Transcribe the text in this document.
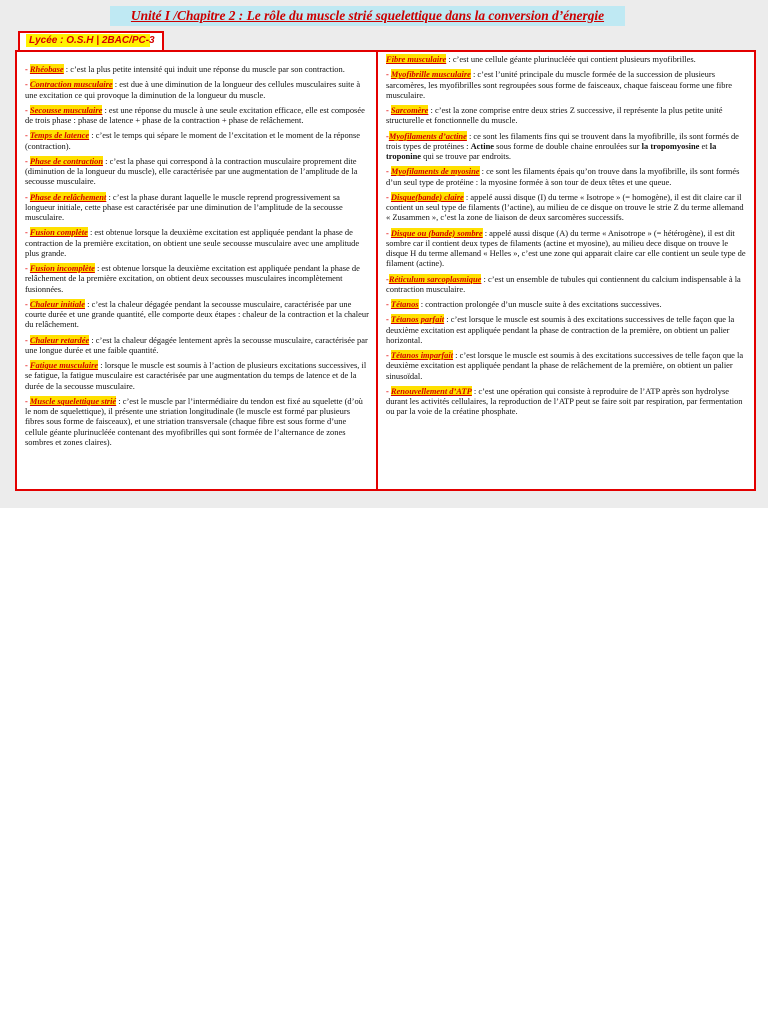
Unité I /Chapitre 2 : Le rôle du muscle strié squelettique dans la conversion d’énergie
Lycée : O.S.H | 2BAC/PC-3

- Rhéobase : c’est la plus petite intensité qui induit une réponse du muscle par son contraction.

- Contraction musculaire : est due à une diminution de la longueur des cellules musculaires suite à une excitation ce qui provoque la diminution de la longueur du muscle.

- Secousse musculaire : est une réponse du muscle à une seule excitation efficace, elle est composée de trois phase : phase de latence + phase de la contraction + phase de relâchement.

- Temps de latence : c’est le temps qui sépare le moment de l’excitation et le moment de la réponse (contraction).

- Phase de contraction : c’est la phase qui correspond à la contraction musculaire proprement dite (diminution de la longueur du muscle), elle caractérisée par une augmentation de l’amplitude de la secousse musculaire.

- Phase de relâchement : c’est la phase durant laquelle le muscle reprend progressivement sa longueur initiale, cette phase est caractérisée par une diminution de l’amplitude de la secousse musculaire.

- Fusion complète : est obtenue lorsque la deuxième excitation est appliquée pendant la phase de contraction de la première excitation, on obtient une seule secousse musculaire avec une amplitude plus grande.

- Fusion incomplète : est obtenue lorsque la deuxième excitation est appliquée pendant la phase de relâchement de la première excitation, on obtient deux secousses musculaires incomplètement fusionnées.

- Chaleur initiale : c’est la chaleur dégagée pendant la secousse musculaire, caractérisée par une courte durée et une grande quantité, elle comporte deux étapes : chaleur de la contraction et la chaleur du relâchement.

- Chaleur retardée : c’est la chaleur dégagée lentement après la secousse musculaire, caractérisée par une longue durée et une faible quantité.

- Fatigue musculaire : lorsque le muscle est soumis à l’action de plusieurs excitations successives, il se fatigue, la fatigue musculaire est caractérisée par une augmentation du temps de latence et de la durée de la secousse musculaire.

- Muscle squelettique strié : c’est le muscle par l’intermédiaire du tendon est fixé au squelette (d’où le nom de squelettique), il présente une striation longitudinale (le muscle est formé par plusieurs fibres sous forme de faisceaux), et une striation transversale (chaque fibre est sous forme d’une cellule géante plurinucléée contenant des myofibrilles qui sont formée de l’alternance de zones sombres et zones claires).

Fibre musculaire : c’est une cellule géante plurinucléée qui contient plusieurs myofibrilles.

- Myofibrille musculaire : c’est l’unité principale du muscle formée de la succession de plusieurs sarcomères, les myofibrilles sont regroupées sous forme de faisceaux, chaque faisceau forme une fibre musculaire.

- Sarcomère : c’est la zone comprise entre deux stries Z successive, il représente la plus petite unité structurelle et fonctionnelle du muscle.

-Myofilaments d’actine : ce sont les filaments fins qui se trouvent dans la myofibrille, ils sont formés de trois types de protéines : Actine sous forme de double chaine enroulées sur la tropomyosine et la troponine qui se trouve par endroits.

- Myofilaments de myosine : ce sont les filaments épais qu’on trouve dans la myofibrille, ils sont formés d’un seul type de protéine : la myosine formée à son tour de deux têtes et une queue.

- Disque(bande) claire : appelé aussi disque (I) du terme « Isotrope » (= homogène), il est dit claire car il contient un seul type de filaments (l’actine), au milieu de ce disque on trouve le strie Z du terme allemand « Zusammen », c’est la zone de liaison de deux sarcomères successifs.

- Disque ou (bande) sombre : appelé aussi disque (A) du terme « Anisotrope » (= hétérogène), il est dit sombre car il contient deux types de filaments (actine et myosine), au milieu dece disque on trouve le disque H du terme allemand « Helles », c’est une zone qui apparait claire car elle contient un seule type de filament (actine).

-Réticulum sarcoplasmique : c’est un ensemble de tubules qui contiennent du calcium indispensable à la contraction musculaire.

- Tétanos : contraction prolongée d’un muscle suite à des excitations successives.

- Tétanos parfait : c’est lorsque le muscle est soumis à des excitations successives de telle façon que la deuxième excitation est appliquée pendant la phase de contraction de la première, on obtient un palier horizontal.

- Tétanos imparfait : c’est lorsque le muscle est soumis à des excitations successives de telle façon que la deuxième excitation est appliquée pendant la phase de relâchement de la première, on obtient un palier sinusoïdal.

- Renouvellement d’ATP : c’est une opération qui consiste à reproduire de l’ATP après son hydrolyse durant les activités cellulaires, la reproduction de l’ATP peut se faire soit par respiration, par fermentation ou par la voie de la créatine phosphate.
